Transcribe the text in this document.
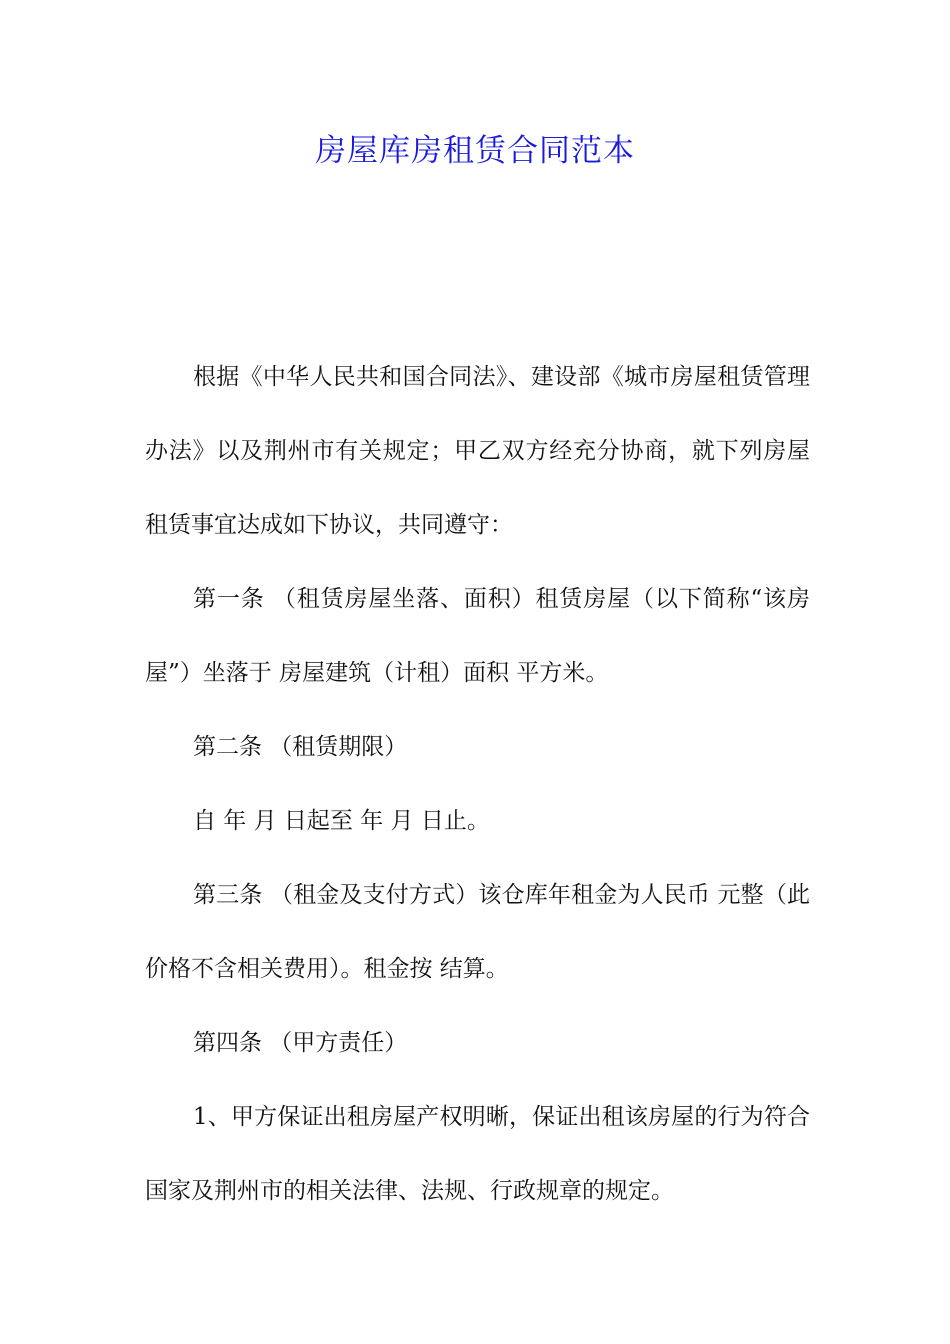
房屋库房租赁合同范本

根据《中华人民共和国合同法》、建设部《城市房屋租赁管理办法》以及荆州市有关规定；甲乙双方经充分协商，就下列房屋租赁事宜达成如下协议，共同遵守：

第一条 （租赁房屋坐落、面积）租赁房屋（以下简称“该房屋”）坐落于 房屋建筑（计租）面积 平方米。

第二条 （租赁期限）

自 年 月 日起至 年 月 日止。

第三条 （租金及支付方式）该仓库年租金为人民币 元整（此价格不含相关费用）。租金按 结算。

第四条 （甲方责任）

1、甲方保证出租房屋产权明晰，保证出租该房屋的行为符合国家及荆州市的相关法律、法规、行政规章的规定。
